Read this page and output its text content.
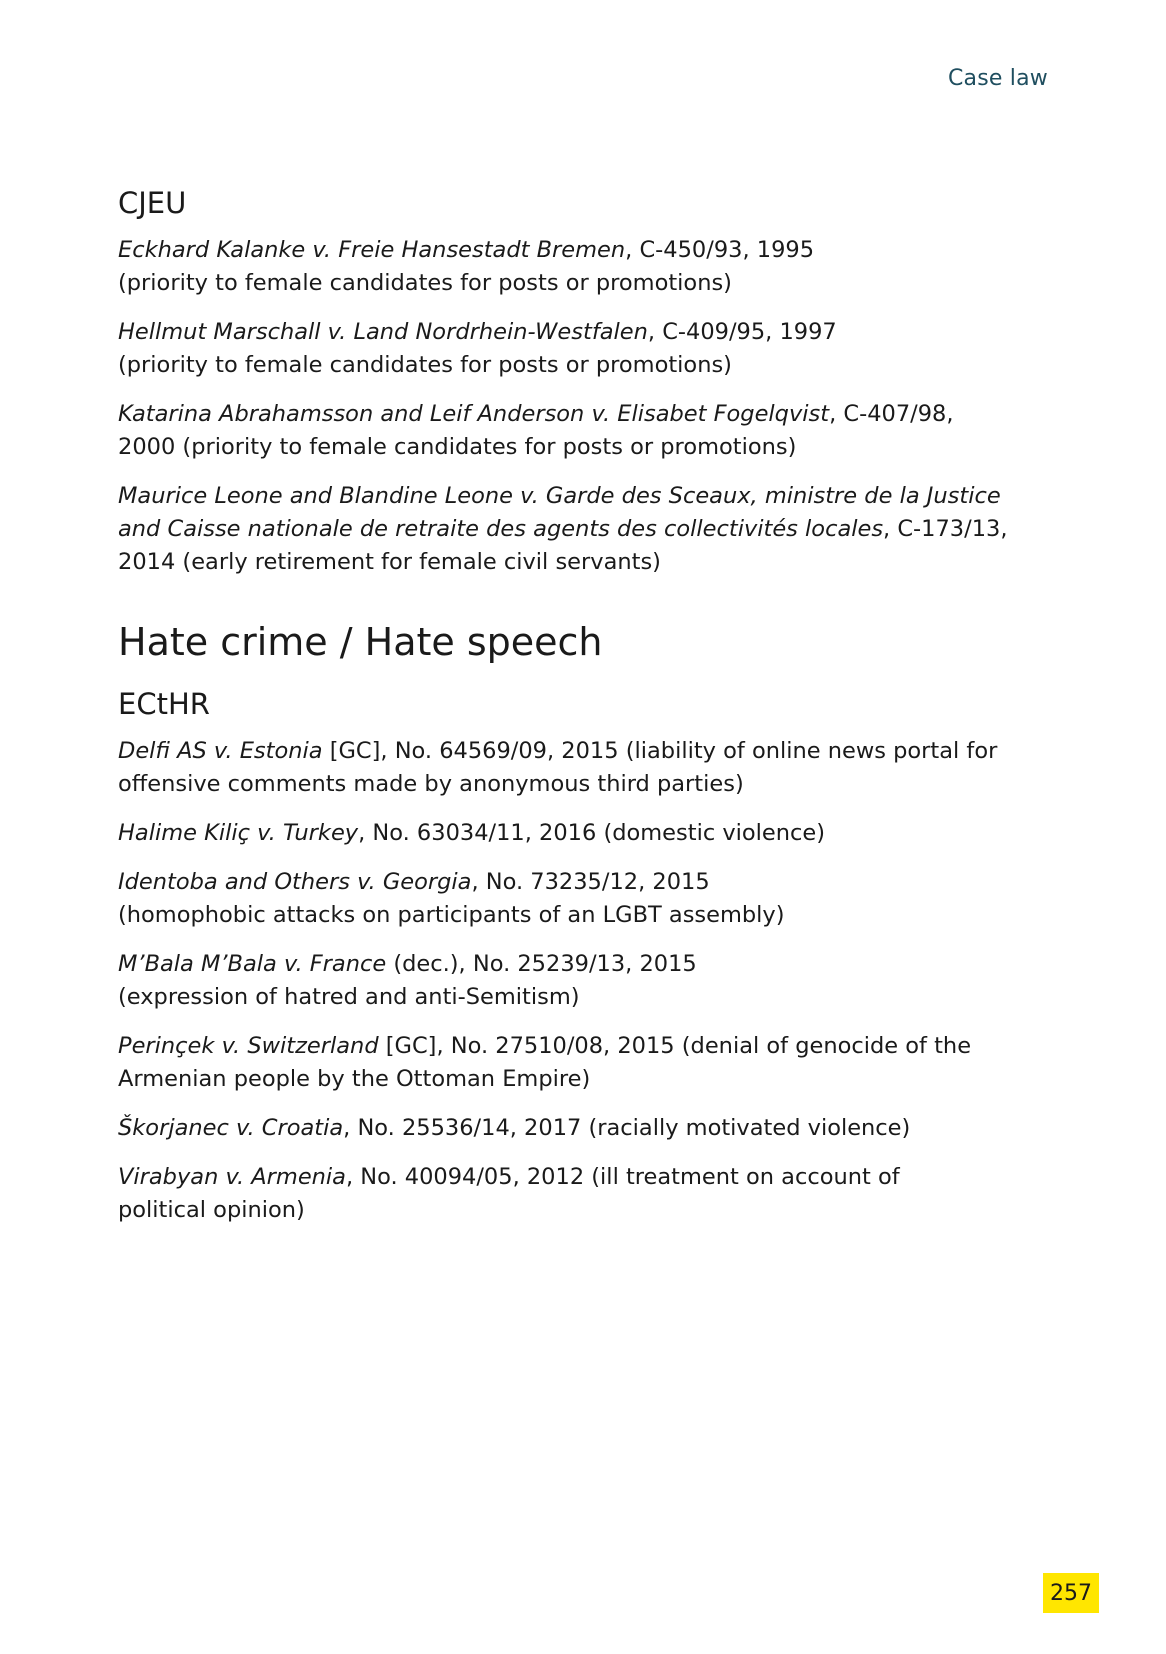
Case law
CJEU

Eckhard Kalanke v. Freie Hansestadt Bremen, C-450/93, 1995
(priority to female candidates for posts or promotions)

Hellmut Marschall v. Land Nordrhein-Westfalen, C-409/95, 1997
(priority to female candidates for posts or promotions)

Katarina Abrahamsson and Leif Anderson v. Elisabet Fogelqvist, C-407/98,
2000 (priority to female candidates for posts or promotions)

Maurice Leone and Blandine Leone v. Garde des Sceaux, ministre de la Justice
and Caisse nationale de retraite des agents des collectivités locales, C-173/13,
2014 (early retirement for female civil servants)

Hate crime / Hate speech
ECtHR

Delfi AS v. Estonia [GC], No. 64569/09, 2015 (liability of online news portal for
offensive comments made by anonymous third parties)

Halime Kiliç v. Turkey, No. 63034/11, 2016 (domestic violence)

Identoba and Others v. Georgia, No. 73235/12, 2015
(homophobic attacks on participants of an LGBT assembly)

M’Bala M’Bala v. France (dec.), No. 25239/13, 2015
(expression of hatred and anti-Semitism)

Perinçek v. Switzerland [GC], No. 27510/08, 2015 (denial of genocide of the
Armenian people by the Ottoman Empire)

Škorjanec v. Croatia, No. 25536/14, 2017 (racially motivated violence)

Virabyan v. Armenia, No. 40094/05, 2012 (ill treatment on account of
political opinion)

257
